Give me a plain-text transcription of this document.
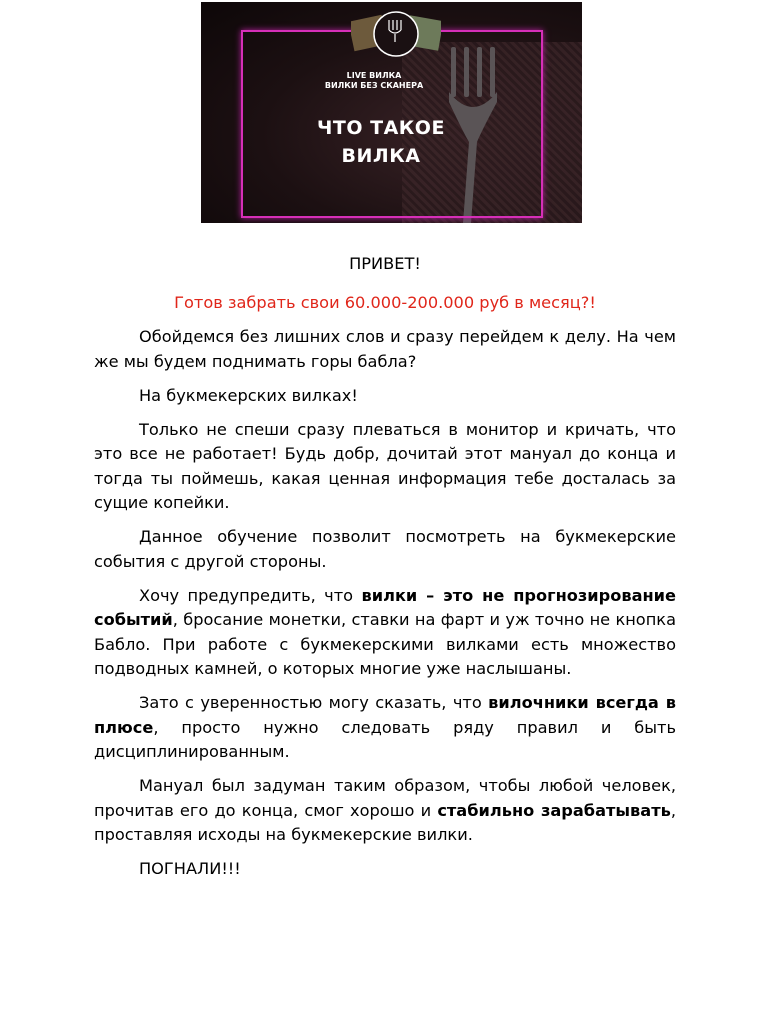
LIVE ВИЛКА
ВИЛКИ БЕЗ СКАНЕРА
ЧТО ТАКОЕ
ВИЛКА

ПРИВЕТ!

Готов забрать свои 60.000-200.000 руб в месяц?!

Обойдемся без лишних слов и сразу перейдем к делу. На чем же мы будем поднимать горы бабла?

На букмекерских вилках!

Только не спеши сразу плеваться в монитор и кричать, что это все не работает! Будь добр, дочитай этот мануал до конца и тогда ты поймешь, какая ценная информация тебе досталась за сущие копейки.

Данное обучение позволит посмотреть на букмекерские события с другой стороны.

Хочу предупредить, что вилки – это не прогнозирование событий, бросание монетки, ставки на фарт и уж точно не кнопка Бабло. При работе с букмекерскими вилками есть множество подводных камней, о которых многие уже наслышаны.

Зато с уверенностью могу сказать, что вилочники всегда в плюсе, просто нужно следовать ряду правил и быть дисциплинированным.

Мануал был задуман таким образом, чтобы любой человек, прочитав его до конца, смог хорошо и стабильно зарабатывать, проставляя исходы на букмекерские вилки.

ПОГНАЛИ!!!
